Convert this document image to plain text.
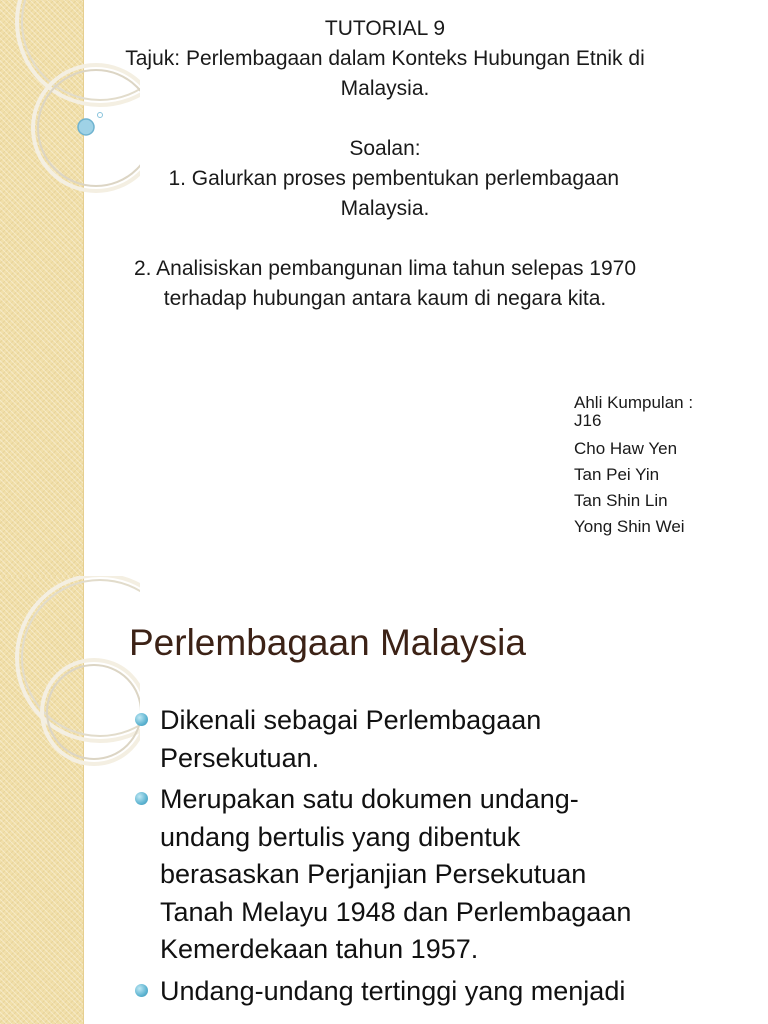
TUTORIAL 9
Tajuk: Perlembagaan dalam Konteks Hubungan Etnik di
Malaysia.
Soalan:
1. Galurkan proses pembentukan perlembagaan
Malaysia.
2. Analisiskan pembangunan lima tahun selepas 1970
terhadap hubungan antara kaum di negara kita.
Ahli Kumpulan :
J16
Cho Haw Yen
Tan Pei Yin
Tan Shin Lin
Yong Shin Wei
Perlembagaan Malaysia
Dikenali sebagai Perlembagaan
Persekutuan.
Merupakan satu dokumen undang-
undang bertulis yang dibentuk
berasaskan Perjanjian Persekutuan
Tanah Melayu 1948 dan Perlembagaan
Kemerdekaan tahun 1957.
Undang-undang tertinggi yang menjadi
